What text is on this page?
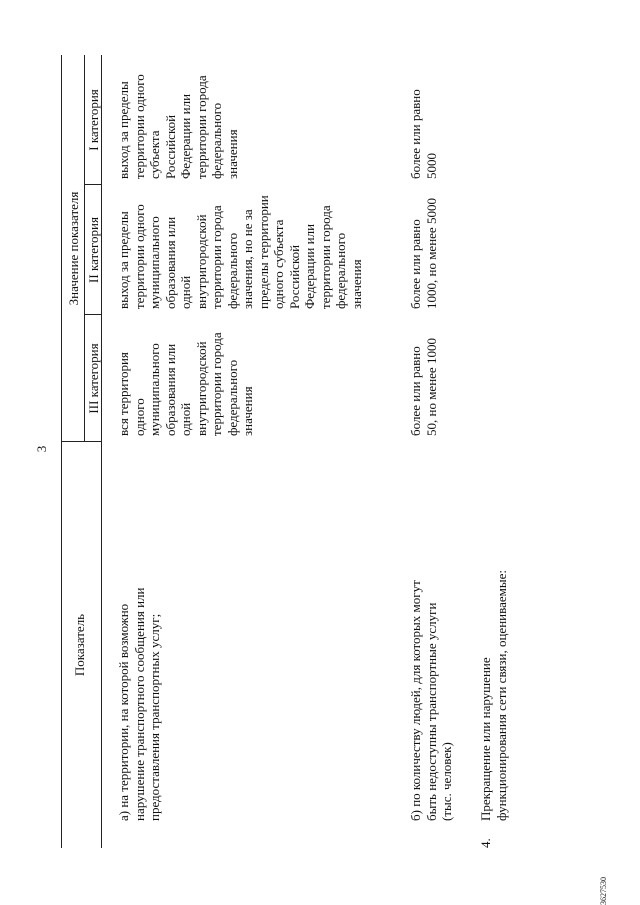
3
Показатель
Значение показателя
III категория
II категория
I категория
а) на территории, на которой возможно
нарушение транспортного сообщения или
предоставления транспортных услуг;
вся территория
одного
муниципального
образования или
одной
внутригородской
территории города
федерального
значения
выход за пределы
территории одного
муниципального
образования или
одной
внутригородской
территории города
федерального
значения, но не за
пределы территории
одного субъекта
Российской
Федерации или
территории города
федерального
значения
выход за пределы
территории одного
субъекта
Российской
Федерации или
территории города
федерального
значения
б) по количеству людей, для которых могут
быть недоступны транспортные услуги
(тыс. человек)
более или равно
50, но менее 1000
более или равно
1000, но менее 5000
более или равно
5000
4.
Прекращение или нарушение
функционирования сети связи, оцениваемые:
3627530
